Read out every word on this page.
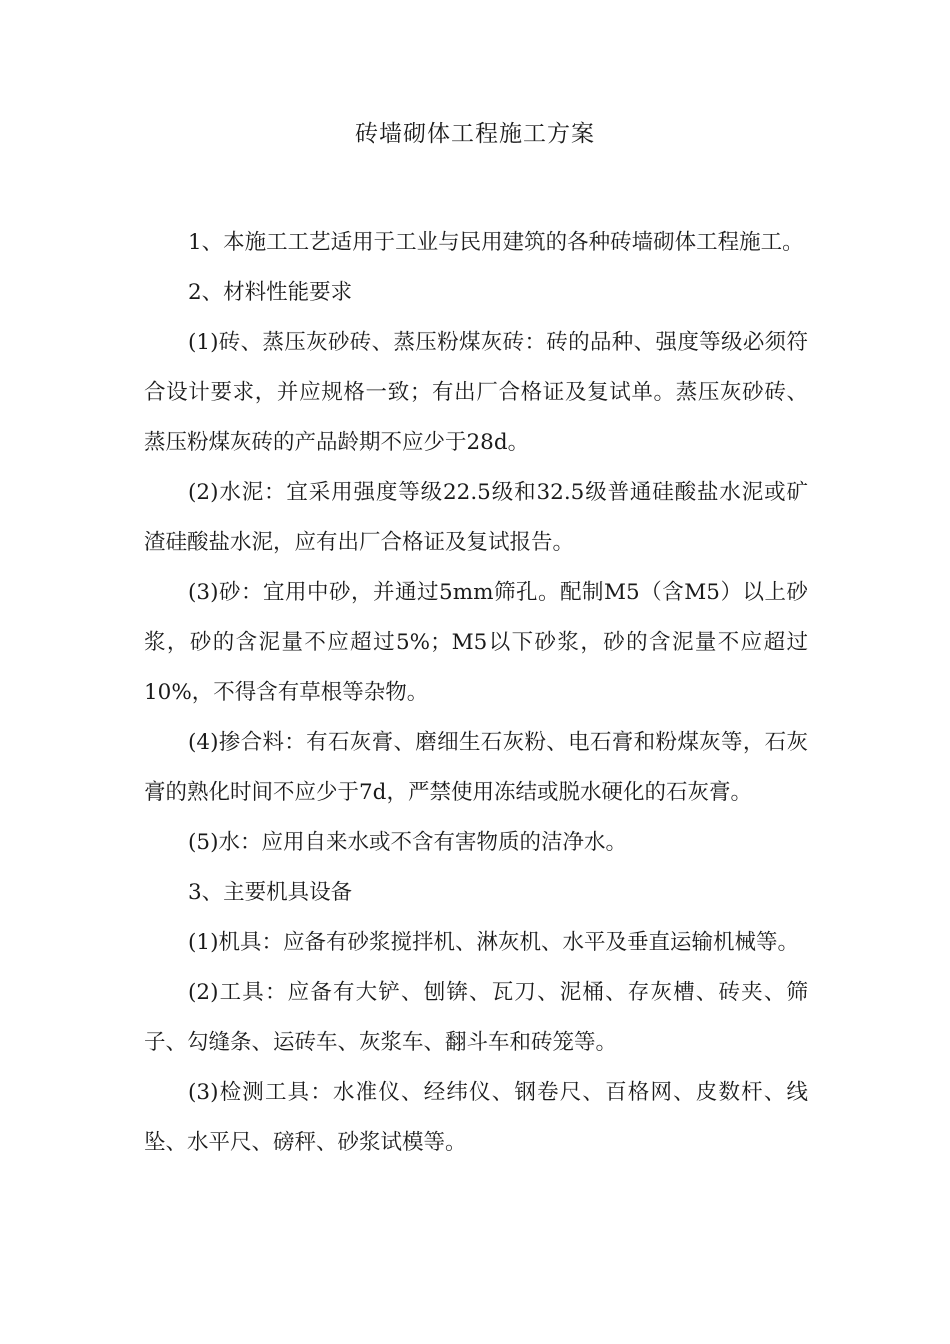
砖墙砌体工程施工方案

1、本施工工艺适用于工业与民用建筑的各种砖墙砌体工程施工。

2、材料性能要求

(1)砖、蒸压灰砂砖、蒸压粉煤灰砖：砖的品种、强度等级必须符合设计要求，并应规格一致；有出厂合格证及复试单。蒸压灰砂砖、蒸压粉煤灰砖的产品龄期不应少于28d。

(2)水泥：宜采用强度等级22.5级和32.5级普通硅酸盐水泥或矿渣硅酸盐水泥，应有出厂合格证及复试报告。

(3)砂：宜用中砂，并通过5mm筛孔。配制M5（含M5）以上砂浆，砂的含泥量不应超过5%；M5以下砂浆，砂的含泥量不应超过10%，不得含有草根等杂物。

(4)掺合料：有石灰膏、磨细生石灰粉、电石膏和粉煤灰等，石灰膏的熟化时间不应少于7d，严禁使用冻结或脱水硬化的石灰膏。

(5)水：应用自来水或不含有害物质的洁净水。

3、主要机具设备

(1)机具：应备有砂浆搅拌机、淋灰机、水平及垂直运输机械等。

(2)工具：应备有大铲、刨锛、瓦刀、泥桶、存灰槽、砖夹、筛子、勾缝条、运砖车、灰浆车、翻斗车和砖笼等。

(3)检测工具：水准仪、经纬仪、钢卷尺、百格网、皮数杆、线坠、水平尺、磅秤、砂浆试模等。
